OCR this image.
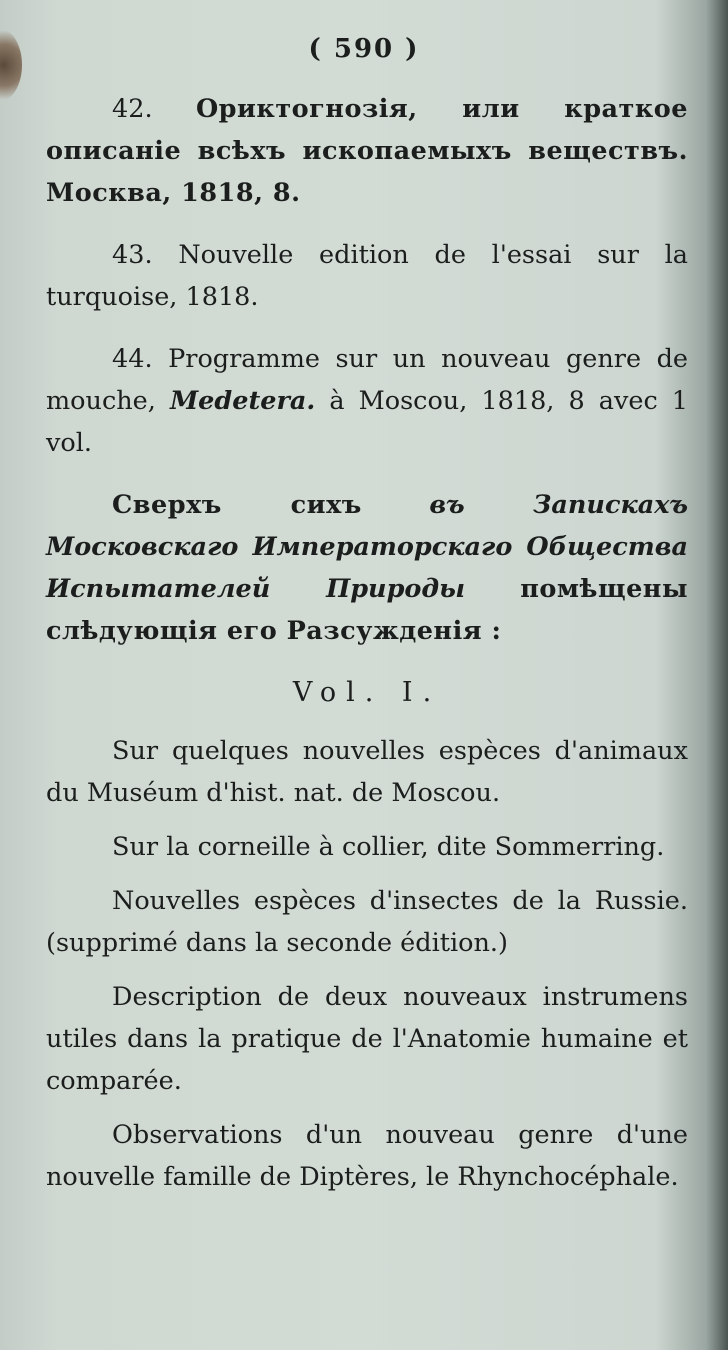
( 590 )

42. Ориктогнозія, или краткое описаніе всѣхъ ископаемыхъ веществъ. Москва, 1818, 8.

43. Nouvelle edition de l'essai sur la turquoise, 1818.

44. Programme sur un nouveau genre de mouche, Medetera. à Moscou, 1818, 8 avec 1 vol.

Сверхъ сихъ	въ Запискахъ Московскаго Императорскаго Общества Испытателей Природы помѣщены слѣдующія его Разсужденія :

Vol. I.

Sur quelques nouvelles espèces d'animaux du Muséum d'hist. nat. de Moscou.

Sur la corneille à collier, dite Sommerring.

Nouvelles espèces d'insectes de la Russie. (supprimé dans la seconde édition.)

Description de deux nouveaux instrumens utiles dans la pratique de l'Anatomie humaine et comparée.

Observations d'un nouveau genre d'une nouvelle famille de Diptères, le Rhynchocéphale.
